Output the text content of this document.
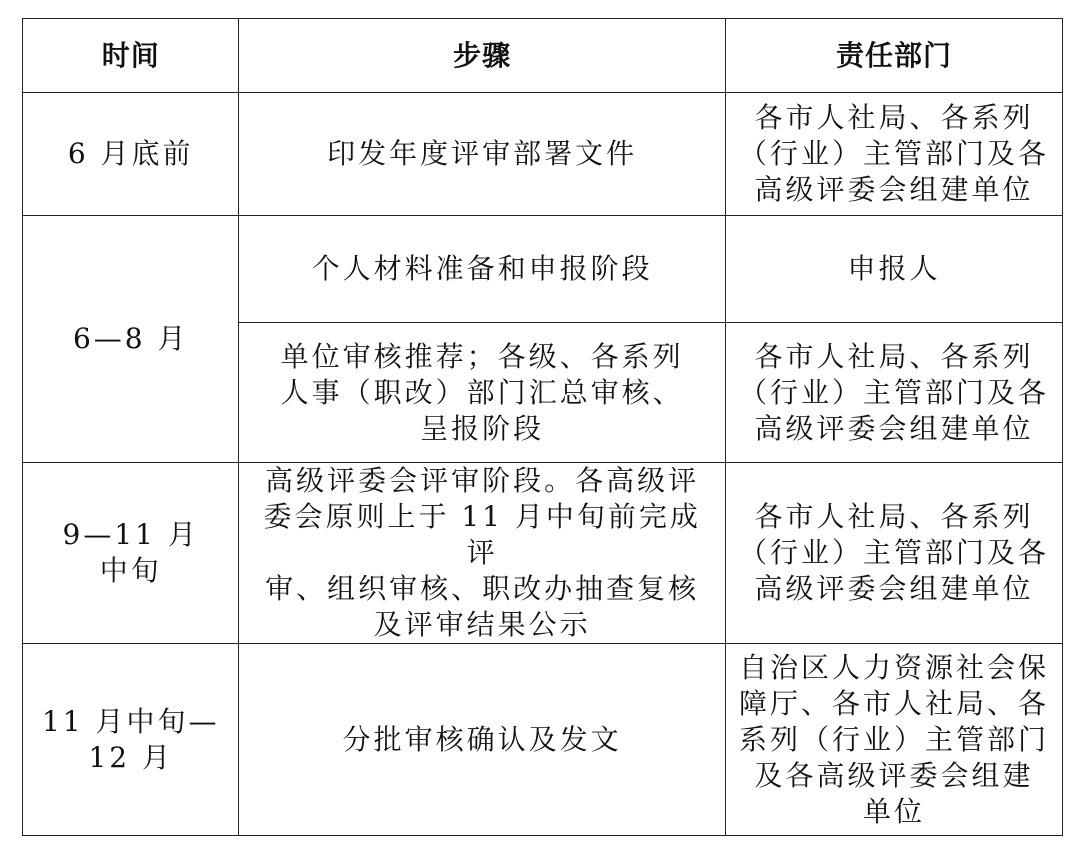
时间	步骤	责任部门

6 月底前	印发年度评审部署文件	各市人社局、各系列
（行业）主管部门及各
高级评委会组建单位

6—8 月	个人材料准备和申报阶段	申报人

	单位审核推荐；各级、各系列
人事（职改）部门汇总审核、
呈报阶段	各市人社局、各系列
（行业）主管部门及各
高级评委会组建单位

9—11 月
中旬	高级评委会评审阶段。各高级评
委会原则上于 11 月中旬前完成评
审、组织审核、职改办抽查复核
及评审结果公示	各市人社局、各系列
（行业）主管部门及各
高级评委会组建单位

11 月中旬—
12 月	分批审核确认及发文	自治区人力资源社会保
障厅、各市人社局、各
系列（行业）主管部门
及各高级评委会组建
单位
